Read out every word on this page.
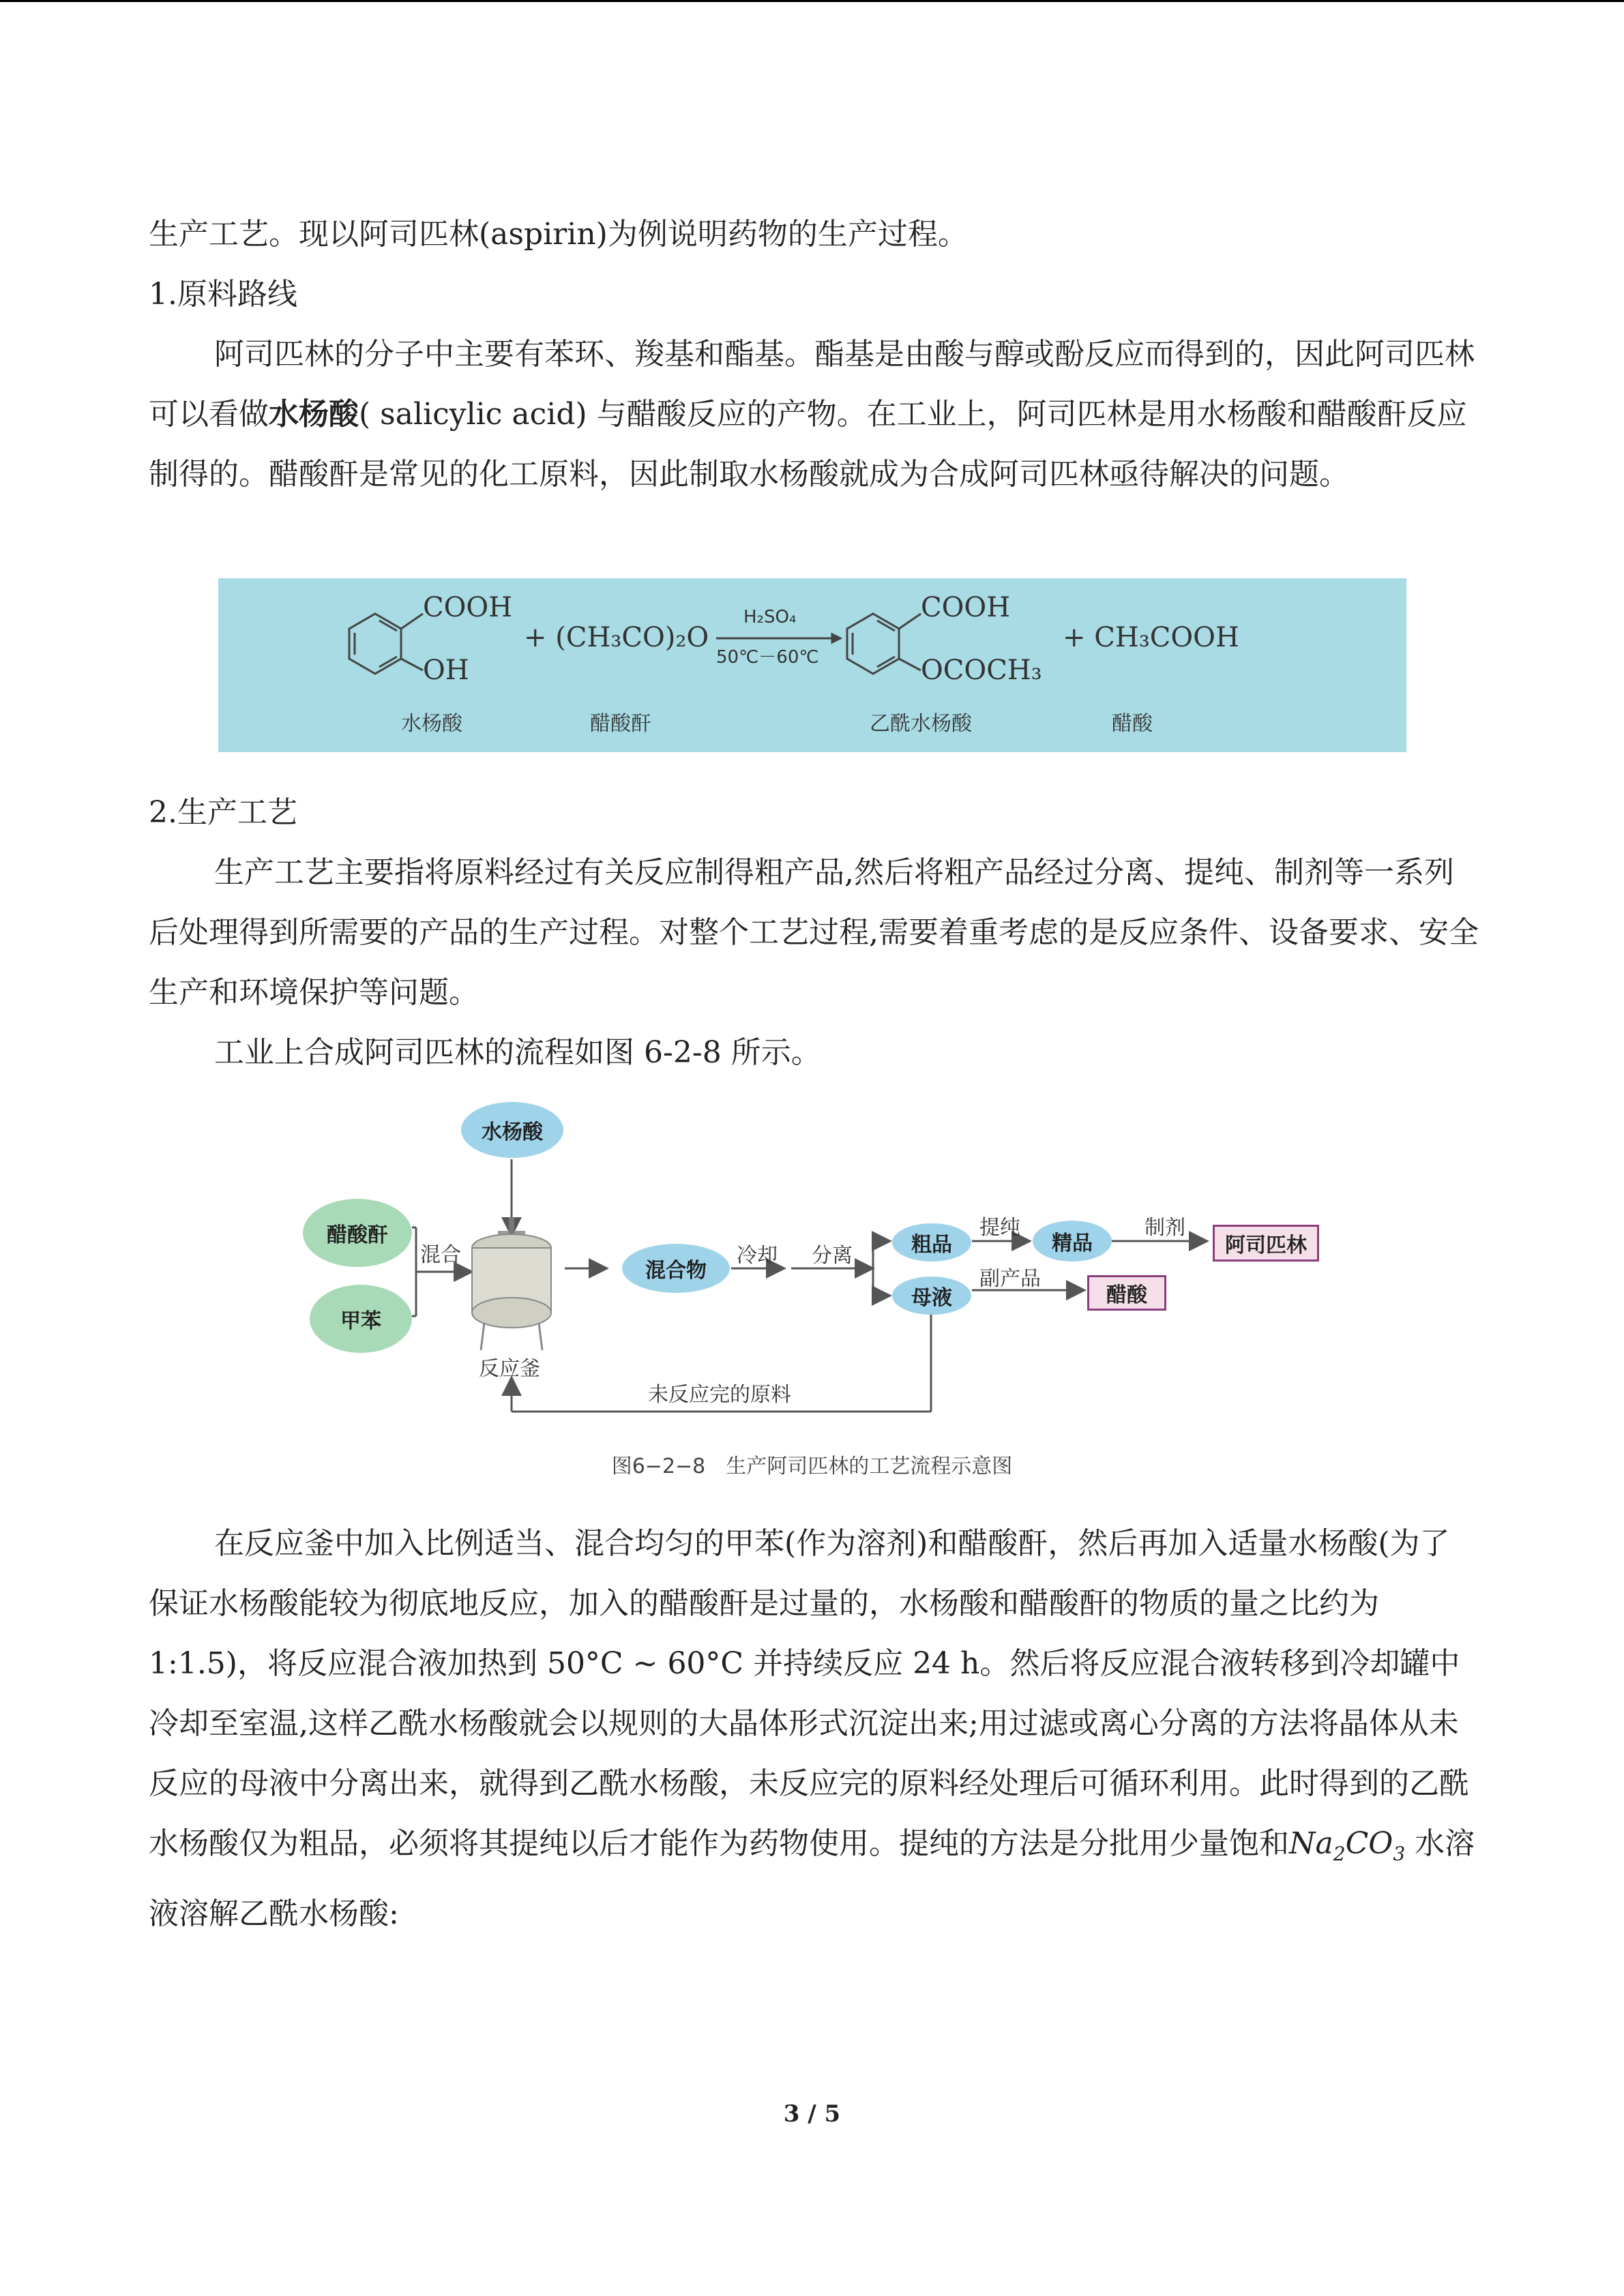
生产工艺。现以阿司匹林(aspirin)为例说明药物的生产过程。

1.原料路线

阿司匹林的分子中主要有苯环、羧基和酯基。酯基是由酸与醇或酚反应而得到的，因此阿司匹林可以看做水杨酸( salicylic acid) 与醋酸反应的产物。在工业上，阿司匹林是用水杨酸和醋酸酐反应制得的。醋酸酐是常见的化工原料，因此制取水杨酸就成为合成阿司匹林亟待解决的问题。

COOH
OH
+ (CH₃CO)₂O
H₂SO₄
50℃－60℃
COOH
OCOCH₃
+ CH₃COOH
水杨酸	醋酸酐	乙酰水杨酸	醋酸

2.生产工艺

生产工艺主要指将原料经过有关反应制得粗产品,然后将粗产品经过分离、提纯、制剂等一系列后处理得到所需要的产品的生产过程。对整个工艺过程,需要着重考虑的是反应条件、设备要求、安全生产和环境保护等问题。

工业上合成阿司匹林的流程如图 6-2-8 所示。

水杨酸
醋酸酐
甲苯
混合
反应釜
混合物
冷却 分离	粗品
母液
提纯
精品
制剂
阿司匹林
副产品
醋酸
未反应完的原料
图6−2−8　生产阿司匹林的工艺流程示意图

在反应釜中加入比例适当、混合均匀的甲苯(作为溶剂)和醋酸酐，然后再加入适量水杨酸(为了保证水杨酸能较为彻底地反应，加入的醋酸酐是过量的，水杨酸和醋酸酐的物质的量之比约为 1:1.5)，将反应混合液加热到 50°C ~ 60°C 并持续反应 24 h。然后将反应混合液转移到冷却罐中冷却至室温,这样乙酰水杨酸就会以规则的大晶体形式沉淀出来;用过滤或离心分离的方法将晶体从未反应的母液中分离出来，就得到乙酰水杨酸，未反应完的原料经处理后可循环利用。此时得到的乙酰水杨酸仅为粗品，必须将其提纯以后才能作为药物使用。提纯的方法是分批用少量饱和$Na_2CO_3$ 水溶液溶解乙酰水杨酸:

3 / 5
